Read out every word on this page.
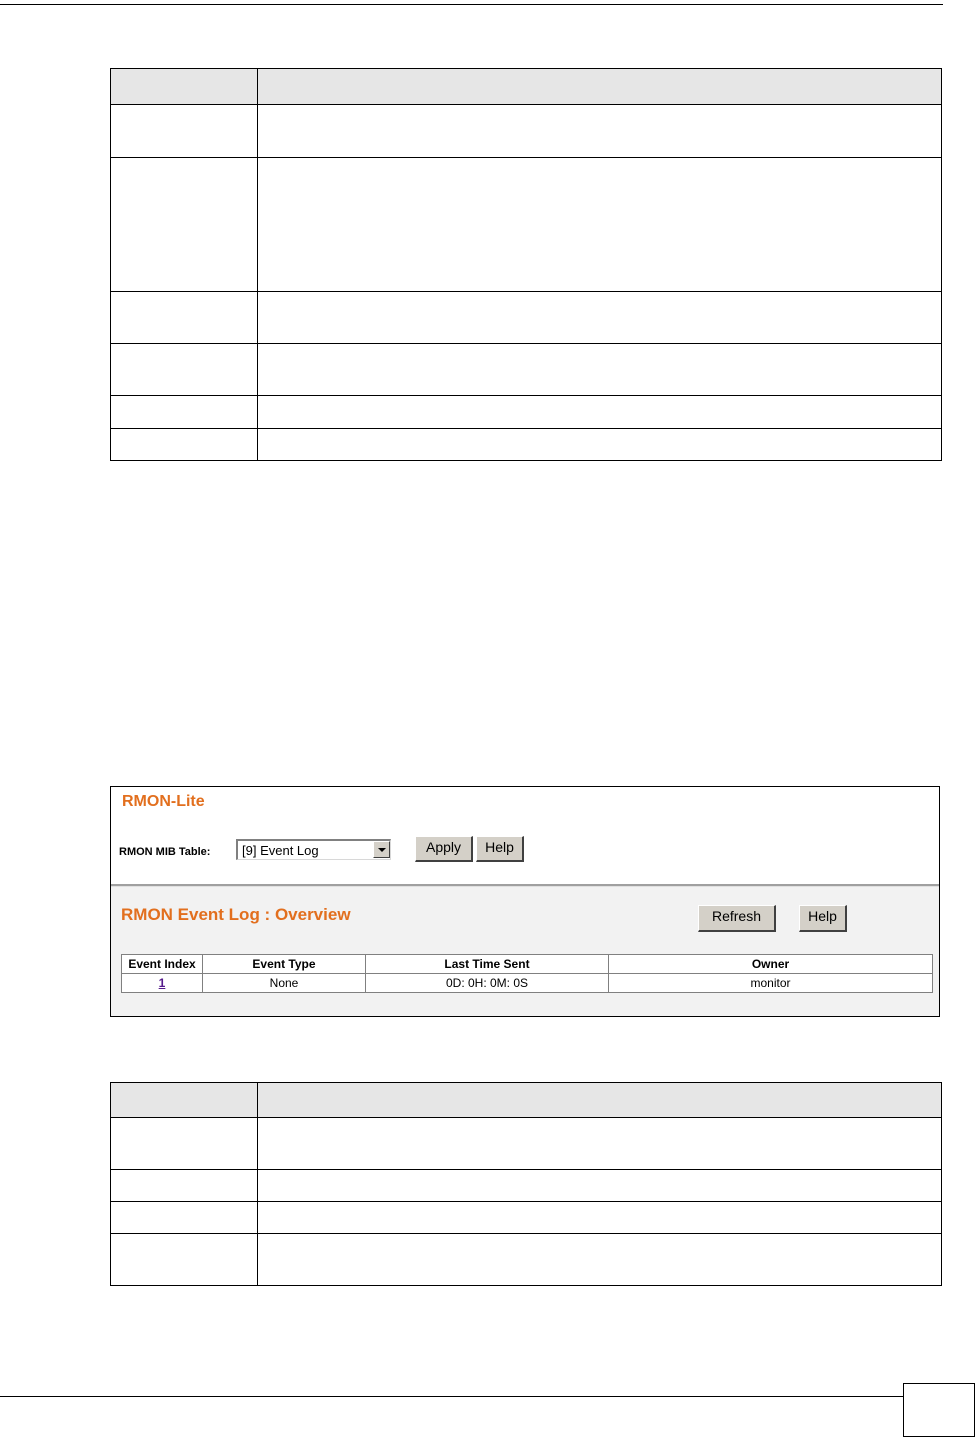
RMON-Lite
RMON MIB Table: [9] Event Log	Apply	Help
RMON Event Log : Overview	Refresh	Help
Event Index	Event Type	Last Time Sent	Owner
1	None	0D: 0H: 0M: 0S	monitor
